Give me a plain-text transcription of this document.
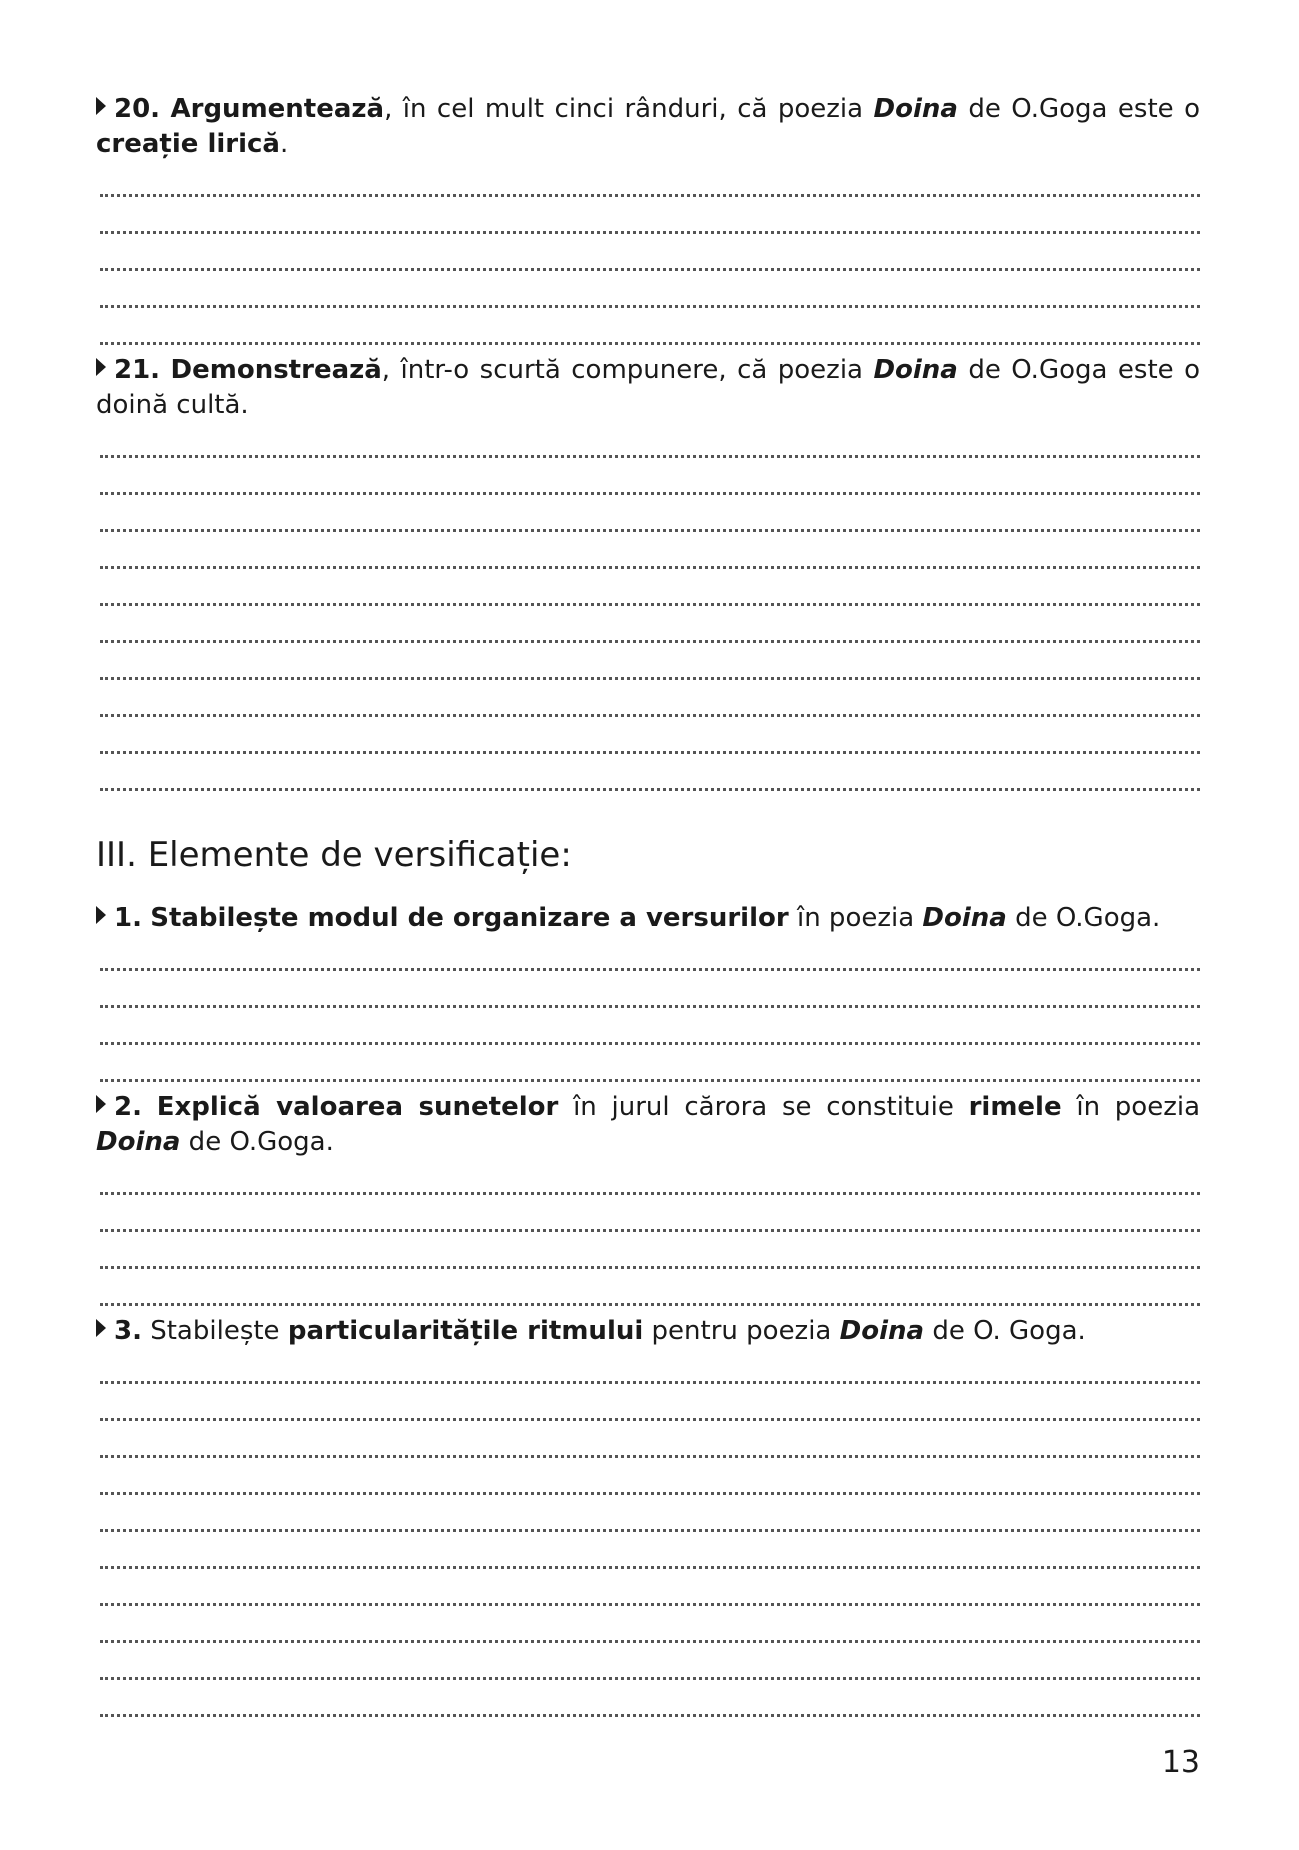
20. Argumentează, în cel mult cinci rânduri, că poezia Doina de O.Goga este o creație lirică.
21. Demonstrează, într-o scurtă compunere, că poezia Doina de O.Goga este o doină cultă.
III. Elemente de versificație:
1. Stabilește modul de organizare a versurilor în poezia Doina de O.Goga.
2. Explică valoarea sunetelor în jurul cărora se constituie rimele în poezia Doina de O.Goga.
3. Stabilește particularitățile ritmului pentru poezia Doina de O. Goga.
13
